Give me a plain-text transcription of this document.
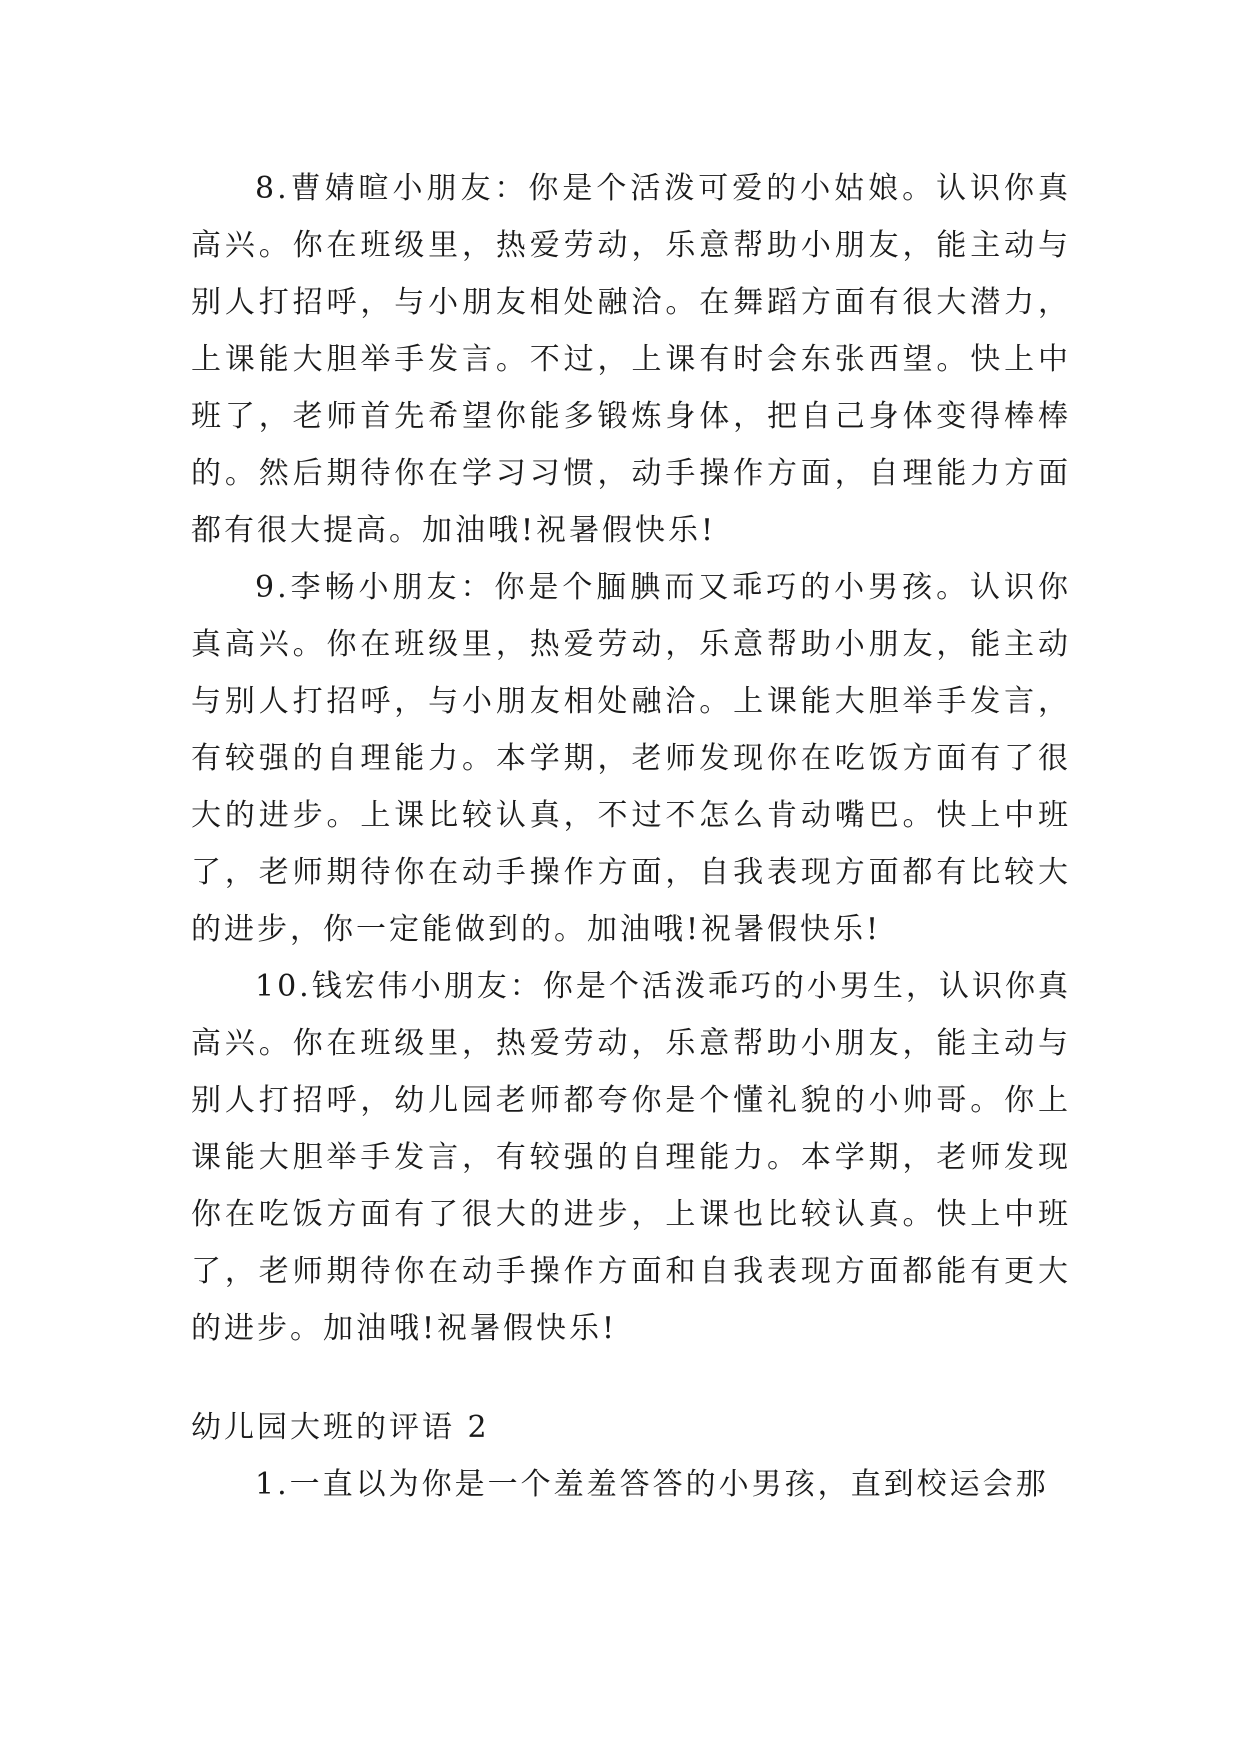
8.曹婧暄小朋友：你是个活泼可爱的小姑娘。认识你真高兴。你在班级里，热爱劳动，乐意帮助小朋友，能主动与别人打招呼，与小朋友相处融洽。在舞蹈方面有很大潜力，上课能大胆举手发言。不过，上课有时会东张西望。快上中班了，老师首先希望你能多锻炼身体，把自己身体变得棒棒的。然后期待你在学习习惯，动手操作方面，自理能力方面都有很大提高。加油哦!祝暑假快乐!

9.李畅小朋友：你是个腼腆而又乖巧的小男孩。认识你真高兴。你在班级里，热爱劳动，乐意帮助小朋友，能主动与别人打招呼，与小朋友相处融洽。上课能大胆举手发言，有较强的自理能力。本学期，老师发现你在吃饭方面有了很大的进步。上课比较认真，不过不怎么肯动嘴巴。快上中班了，老师期待你在动手操作方面，自我表现方面都有比较大的进步，你一定能做到的。加油哦!祝暑假快乐!

10.钱宏伟小朋友：你是个活泼乖巧的小男生，认识你真高兴。你在班级里，热爱劳动，乐意帮助小朋友，能主动与别人打招呼，幼儿园老师都夸你是个懂礼貌的小帅哥。你上课能大胆举手发言，有较强的自理能力。本学期，老师发现你在吃饭方面有了很大的进步，上课也比较认真。快上中班了，老师期待你在动手操作方面和自我表现方面都能有更大的进步。加油哦!祝暑假快乐!

幼儿园大班的评语 2

1.一直以为你是一个羞羞答答的小男孩，直到校运会那
